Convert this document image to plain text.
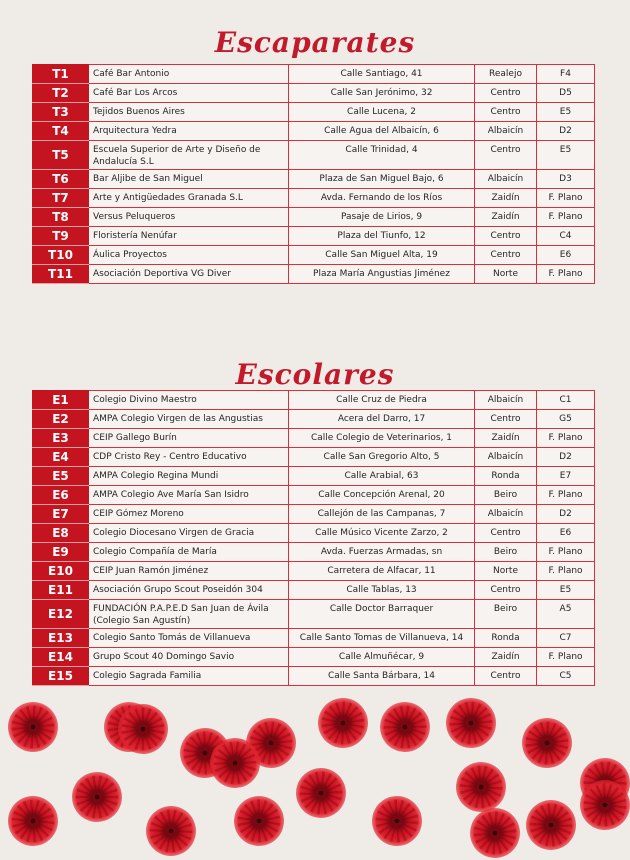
Escaparates
T1	Café Bar Antonio	Calle Santiago, 41	Realejo	F4
T2	Café Bar Los Arcos	Calle San Jerónimo, 32	Centro	D5
T3	Tejidos Buenos Aires	Calle Lucena, 2	Centro	E5
T4	Arquitectura Yedra	Calle Agua del Albaicín, 6	Albaicín	D2
T5	Escuela Superior de Arte y Diseño de Andalucía S.L	Calle Trinidad, 4	Centro	E5
T6	Bar Aljibe de San Miguel	Plaza de San Miguel Bajo, 6	Albaicín	D3
T7	Arte y Antigüedades Granada S.L	Avda. Fernando de los Ríos	Zaidín	F. Plano
T8	Versus Peluqueros	Pasaje de Lirios, 9	Zaidín	F. Plano
T9	Floristería Nenúfar	Plaza del Tiunfo, 12	Centro	C4
T10	Áulica Proyectos	Calle San Miguel Alta, 19	Centro	E6
T11	Asociación Deportiva VG Diver	Plaza María Angustias Jiménez	Norte	F. Plano
Escolares
E1	Colegio Divino Maestro	Calle Cruz de Piedra	Albaicín	C1
E2	AMPA Colegio Virgen de las Angustias	Acera del Darro, 17	Centro	G5
E3	CEIP Gallego Burín	Calle Colegio de Veterinarios, 1	Zaidín	F. Plano
E4	CDP Cristo Rey - Centro Educativo	Calle San Gregorio Alto, 5	Albaicín	D2
E5	AMPA Colegio Regina Mundi	Calle Arabial, 63	Ronda	E7
E6	AMPA Colegio Ave María San Isidro	Calle Concepción Arenal, 20	Beiro	F. Plano
E7	CEIP Gómez Moreno	Callejón de las Campanas, 7	Albaicín	D2
E8	Colegio Diocesano Virgen de Gracia	Calle Músico Vicente Zarzo, 2	Centro	E6
E9	Colegio Compañía de María	Avda. Fuerzas Armadas, sn	Beiro	F. Plano
E10	CEIP Juan Ramón Jiménez	Carretera de Alfacar, 11	Norte	F. Plano
E11	Asociación Grupo Scout Poseidón 304	Calle Tablas, 13	Centro	E5
E12	FUNDACIÓN P.A.P.E.D San Juan de Ávila (Colegio San Agustín)	Calle Doctor Barraquer	Beiro	A5
E13	Colegio Santo Tomás de Villanueva	Calle Santo Tomas de Villanueva, 14	Ronda	C7
E14	Grupo Scout 40 Domingo Savio	Calle Almuñécar, 9	Zaidín	F. Plano
E15	Colegio Sagrada Familia	Calle Santa Bárbara, 14	Centro	C5
